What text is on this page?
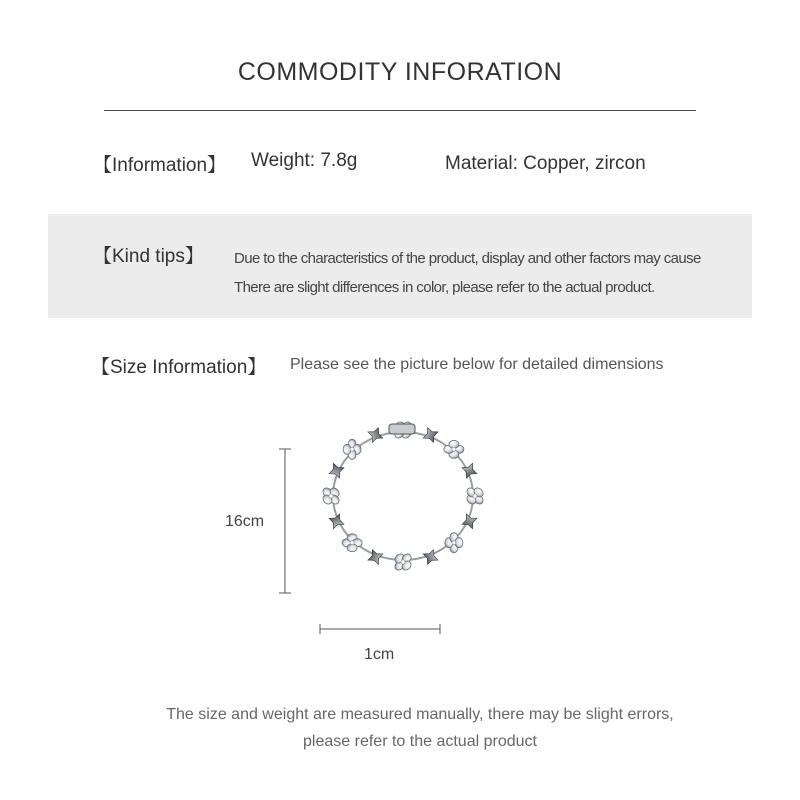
COMMODITY INFORATION
【Information】 Weight: 7.8g	Material: Copper, zircon
【Kind tips】 Due to the characteristics of the product, display and other factors may cause
There are slight differences in color, please refer to the actual product.
【Size Information】 Please see the picture below for detailed dimensions
16cm
1cm
The size and weight are measured manually, there may be slight errors,
please refer to the actual product
